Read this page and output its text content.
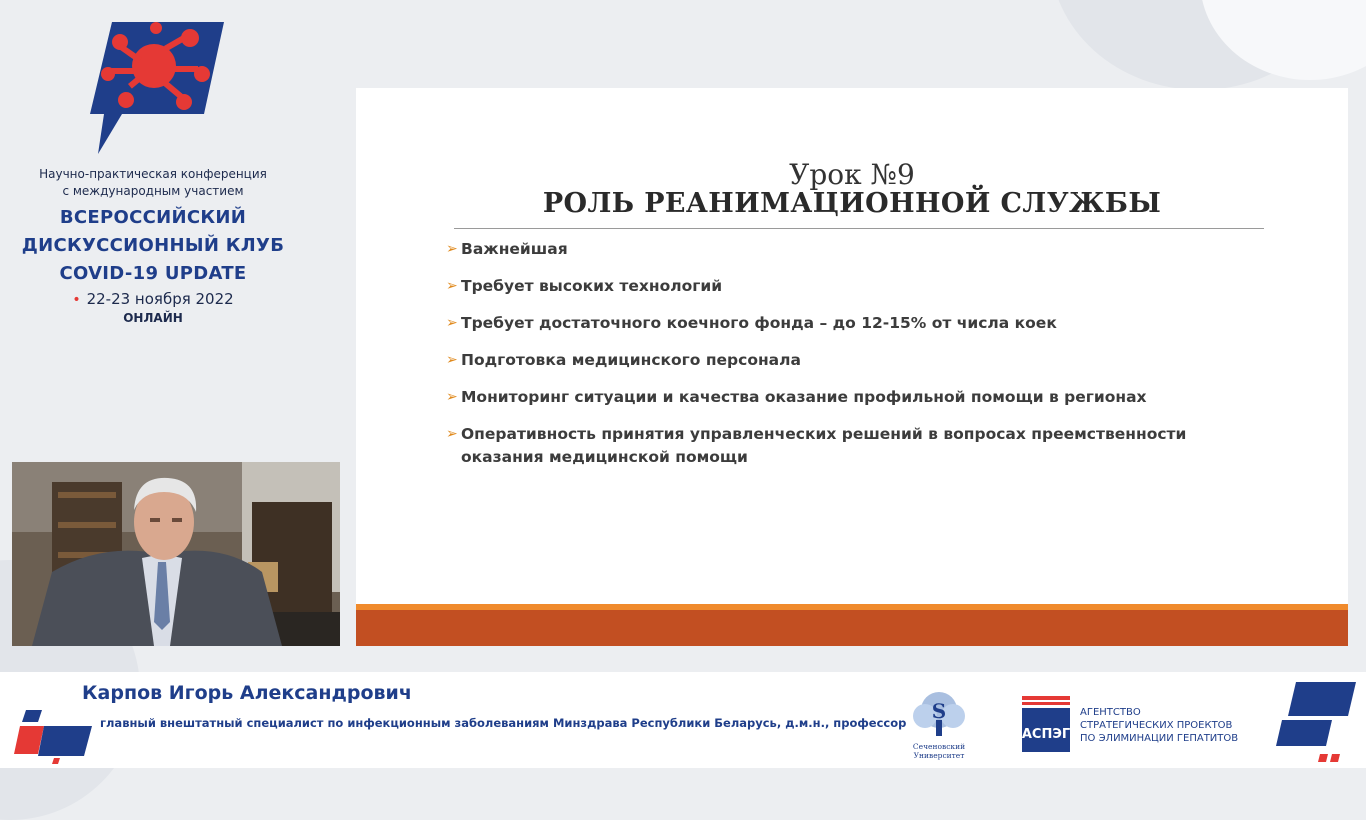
Научно-практическая конференция
с международным участием
ВСЕРОССИЙСКИЙ
ДИСКУССИОННЫЙ КЛУБ
COVID-19 UPDATE
• 22-23 ноября 2022
ОНЛАЙН
Урок №9
РОЛЬ РЕАНИМАЦИОННОЙ СЛУЖБЫ
➢ Важнейшая
➢ Требует высоких технологий
➢ Требует достаточного коечного фонда – до 12-15% от числа коек
➢ Подготовка медицинского персонала
➢ Мониторинг ситуации и качества оказание профильной помощи в регионах
➢ Оперативность принятия управленческих решений в вопросах преемственности оказания медицинской помощи
Карпов Игорь Александрович
главный внештатный специалист по инфекционным заболеваниям Минздрава Республики Беларусь, д.м.н., профессор S
Сеченовский
Университет
АСПЭГ
АГЕНТСТВО
СТРАТЕГИЧЕСКИХ ПРОЕКТОВ
ПО ЭЛИМИНАЦИИ ГЕПАТИТОВ
